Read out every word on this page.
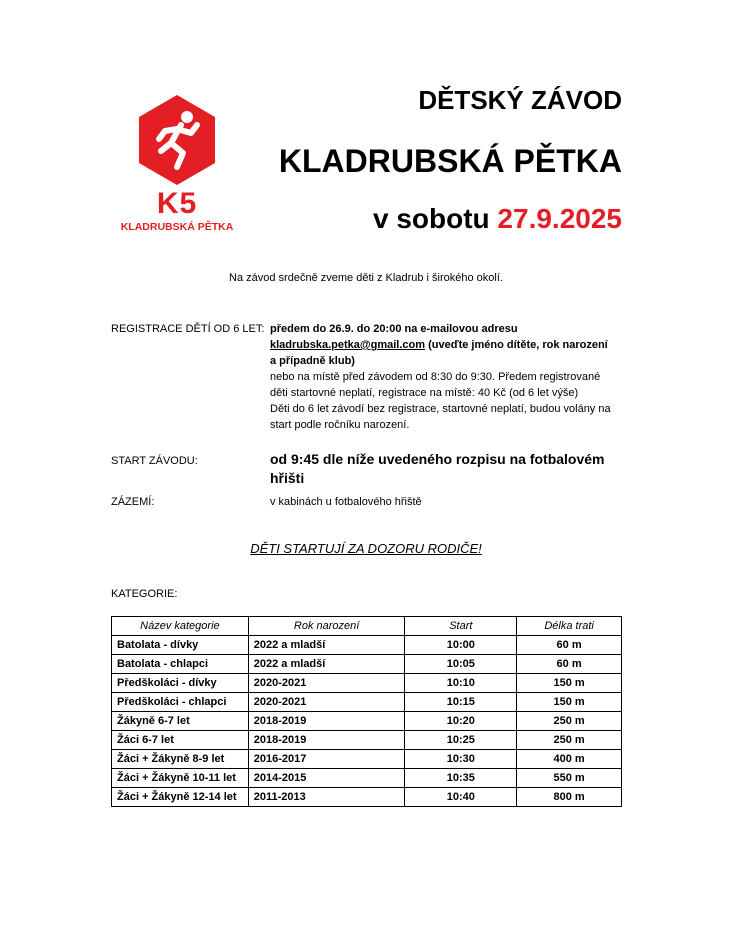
K5
KLADRUBSKÁ PĚTKA
DĚTSKÝ ZÁVOD
KLADRUBSKÁ PĚTKA
v sobotu 27.9.2025
Na závod srdečně zveme děti z Kladrub i širokého okolí.
REGISTRACE DĚTÍ OD 6 LET: předem do 26.9. do 20:00 na e-mailovou adresu
kladrubska.petka@gmail.com (uveďte jméno dítěte, rok narození
a případně klub)
nebo na místě před závodem od 8:30 do 9:30. Předem registrované
děti startovné neplatí, registrace na místě: 40 Kč (od 6 let výše)
Děti do 6 let závodí bez registrace, startovné neplatí, budou volány na
start podle ročníku narození.
START ZÁVODU:	od 9:45 dle níže uvedeného rozpisu na fotbalovém
hřišti
ZÁZEMÍ:	v kabinách u fotbalového hřiště
DĚTI STARTUJÍ ZA DOZORU RODIČE!
KATEGORIE:
Název kategorie	Rok narození	Start	Délka trati
Batolata - dívky	2022 a mladší	10:00	60 m
Batolata - chlapci	2022 a mladší	10:05	60 m
Předškoláci - dívky	2020-2021	10:10	150 m
Předškoláci - chlapci	2020-2021	10:15	150 m
Žákyně 6-7 let	2018-2019	10:20	250 m
Žáci 6-7 let	2018-2019	10:25	250 m
Žáci + Žákyně 8-9 let	2016-2017	10:30	400 m
Žáci + Žákyně 10-11 let	2014-2015	10:35	550 m
Žáci + Žákyně 12-14 let	2011-2013	10:40	800 m
